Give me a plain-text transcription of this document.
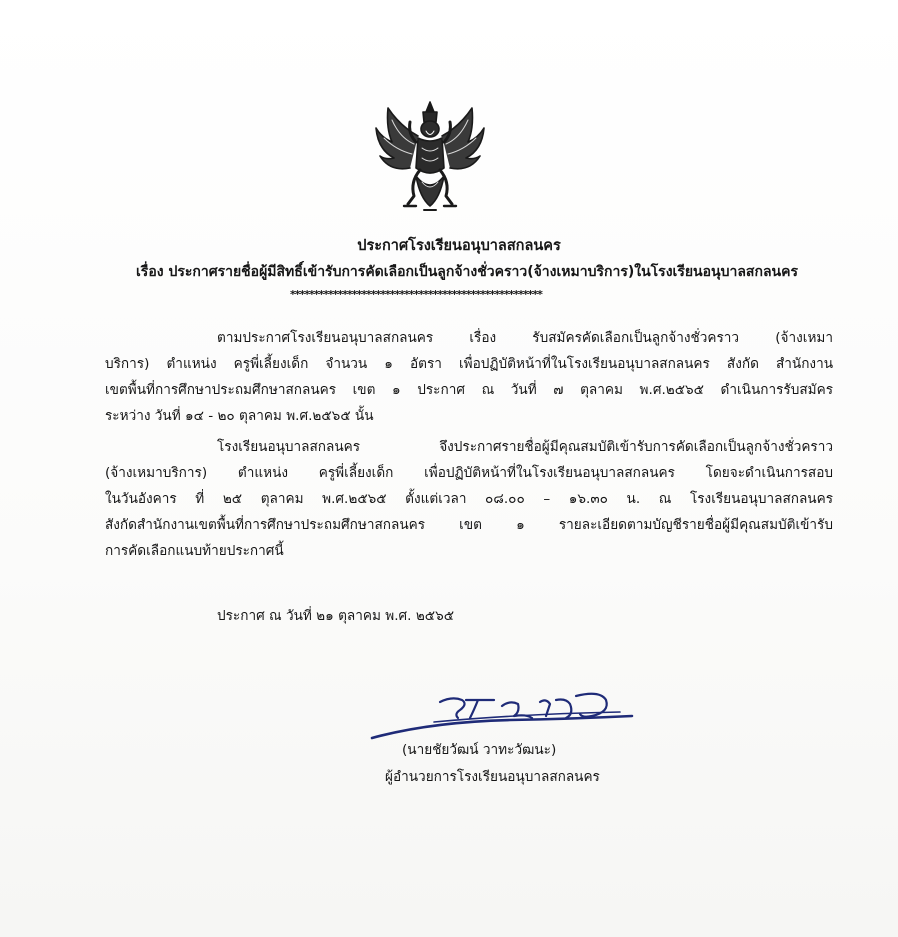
ประกาศโรงเรียนอนุบาลสกลนคร
เรื่อง ประกาศรายชื่อผู้มีสิทธิ์เข้ารับการคัดเลือกเป็นลูกจ้างชั่วคราว(จ้างเหมาบริการ)ในโรงเรียนอนุบาลสกลนคร
*****************************************************
ตามประกาศโรงเรียนอนุบาลสกลนคร เรื่อง รับสมัครคัดเลือกเป็นลูกจ้างชั่วคราว (จ้างเหมา
บริการ) ตำแหน่ง ครูพี่เลี้ยงเด็ก จำนวน ๑ อัตรา เพื่อปฏิบัติหน้าที่ในโรงเรียนอนุบาลสกลนคร สังกัด สำนักงาน
เขตพื้นที่การศึกษาประถมศึกษาสกลนคร เขต ๑ ประกาศ ณ วันที่ ๗ ตุลาคม พ.ศ.๒๕๖๕ ดำเนินการรับสมัคร
ระหว่าง วันที่ ๑๔ - ๒๐ ตุลาคม พ.ศ.๒๕๖๕ นั้น
โรงเรียนอนุบาลสกลนคร จึงประกาศรายชื่อผู้มีคุณสมบัติเข้ารับการคัดเลือกเป็นลูกจ้างชั่วคราว
(จ้างเหมาบริการ) ตำแหน่ง ครูพี่เลี้ยงเด็ก เพื่อปฏิบัติหน้าที่ในโรงเรียนอนุบาลสกลนคร โดยจะดำเนินการสอบ
ในวันอังคาร ที่ ๒๕ ตุลาคม พ.ศ.๒๕๖๕ ตั้งแต่เวลา ๐๘.๐๐ – ๑๖.๓๐ น. ณ โรงเรียนอนุบาลสกลนคร
สังกัดสำนักงานเขตพื้นที่การศึกษาประถมศึกษาสกลนคร เขต ๑ รายละเอียดตามบัญชีรายชื่อผู้มีคุณสมบัติเข้ารับ
การคัดเลือกแนบท้ายประกาศนี้
ประกาศ ณ วันที่ ๒๑ ตุลาคม พ.ศ. ๒๕๖๕
(นายชัยวัฒน์ วาทะวัฒนะ)
ผู้อำนวยการโรงเรียนอนุบาลสกลนคร
